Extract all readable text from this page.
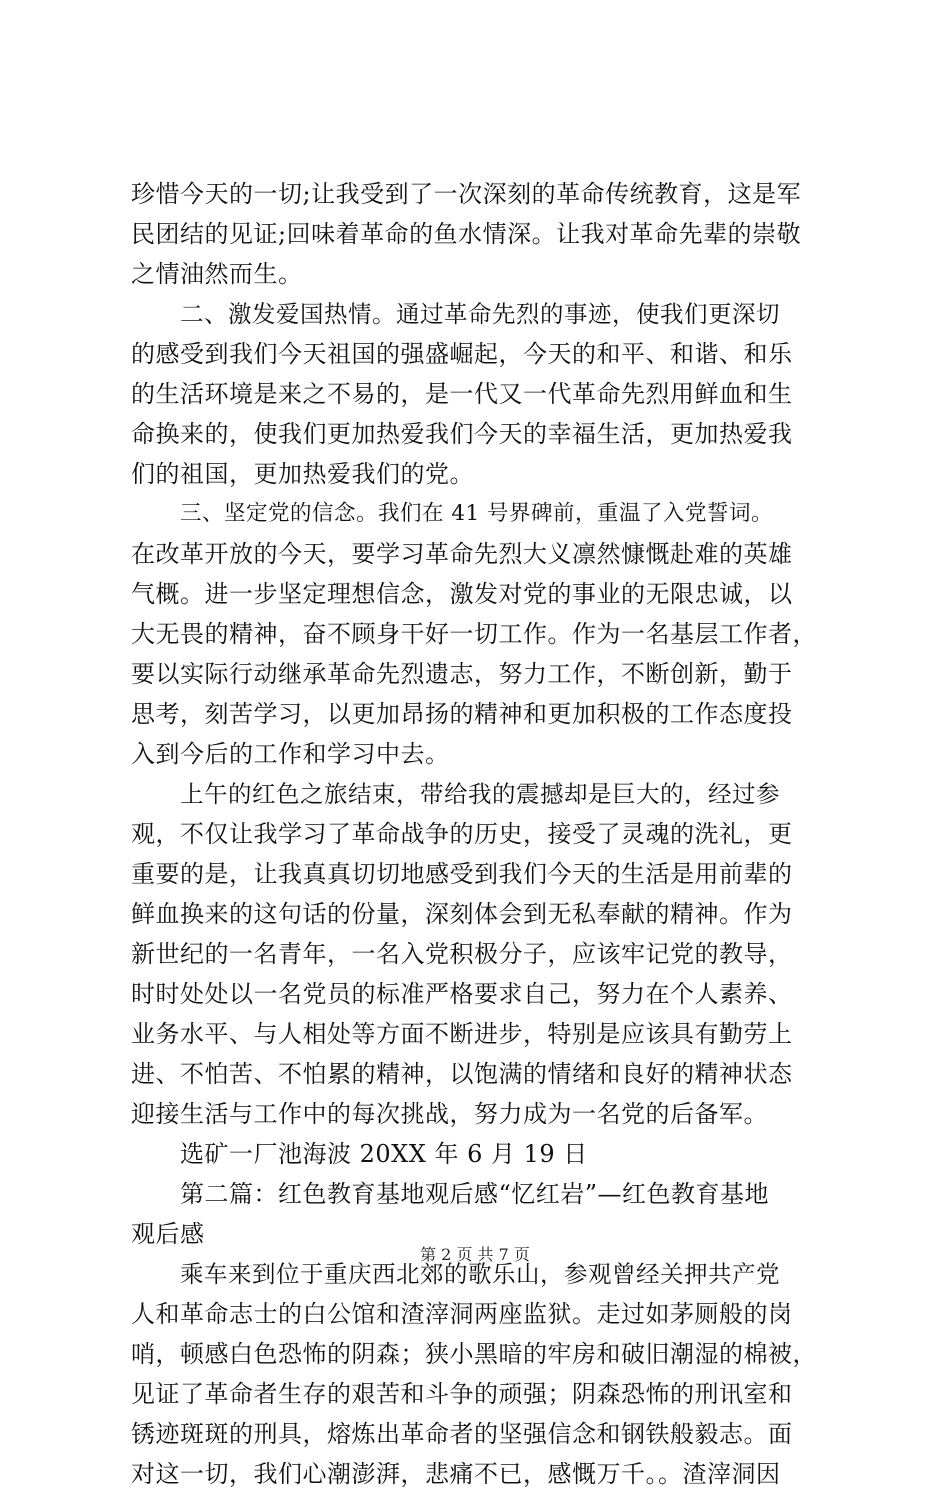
珍惜今天的一切;让我受到了一次深刻的革命传统教育，这是军
民团结的见证;回味着革命的鱼水情深。让我对革命先辈的崇敬
之情油然而生。
二、激发爱国热情。通过革命先烈的事迹，使我们更深切
的感受到我们今天祖国的强盛崛起，今天的和平、和谐、和乐
的生活环境是来之不易的，是一代又一代革命先烈用鲜血和生
命换来的，使我们更加热爱我们今天的幸福生活，更加热爱我
们的祖国，更加热爱我们的党。
三、坚定党的信念。我们在 41 号界碑前，重温了入党誓词。
在改革开放的今天，要学习革命先烈大义凛然慷慨赴难的英雄
气概。进一步坚定理想信念，激发对党的事业的无限忠诚，以
大无畏的精神，奋不顾身干好一切工作。作为一名基层工作者，
要以实际行动继承革命先烈遗志，努力工作，不断创新，勤于
思考，刻苦学习，以更加昂扬的精神和更加积极的工作态度投
入到今后的工作和学习中去。
上午的红色之旅结束，带给我的震撼却是巨大的，经过参
观，不仅让我学习了革命战争的历史，接受了灵魂的洗礼，更
重要的是，让我真真切切地感受到我们今天的生活是用前辈的
鲜血换来的这句话的份量，深刻体会到无私奉献的精神。作为
新世纪的一名青年，一名入党积极分子，应该牢记党的教导，
时时处处以一名党员的标准严格要求自己，努力在个人素养、
业务水平、与人相处等方面不断进步，特别是应该具有勤劳上
进、不怕苦、不怕累的精神，以饱满的情绪和良好的精神状态
迎接生活与工作中的每次挑战，努力成为一名党的后备军。
选矿一厂池海波 20XX 年 6 月 19 日
第二篇：红色教育基地观后感“忆红岩”—红色教育基地
观后感
乘车来到位于重庆西北郊的歌乐山，参观曾经关押共产党
人和革命志士的白公馆和渣滓洞两座监狱。走过如茅厕般的岗
哨，顿感白色恐怖的阴森；狭小黑暗的牢房和破旧潮湿的棉被，
见证了革命者生存的艰苦和斗争的顽强；阴森恐怖的刑讯室和
锈迹斑斑的刑具，熔炼出革命者的坚强信念和钢铁般毅志。面
对这一切，我们心潮澎湃，悲痛不已，感慨万千。。渣滓洞因
第 2 页 共 7 页
